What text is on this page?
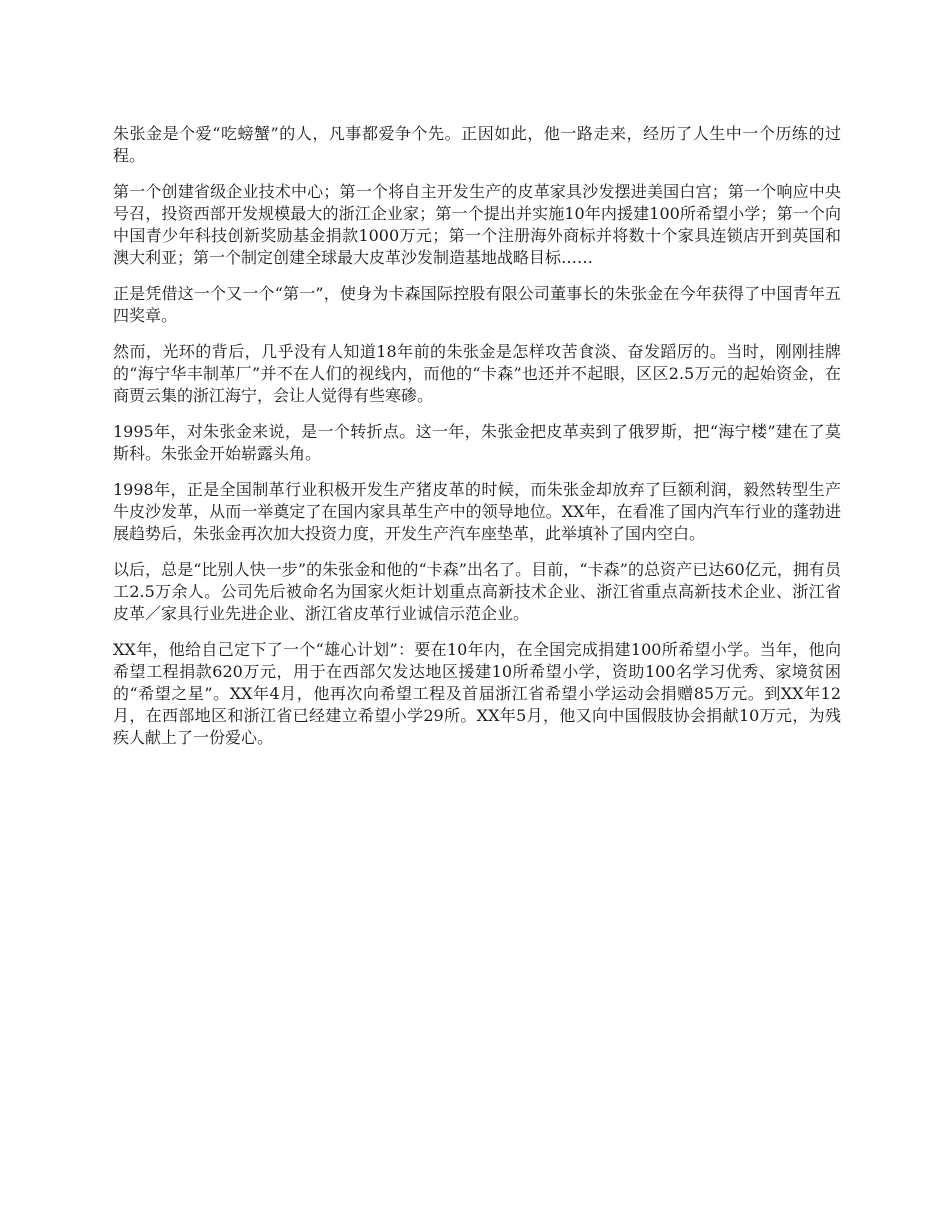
朱张金是个爱“吃螃蟹”的人，凡事都爱争个先。正因如此，他一路走来，经历了人生中一个历练的过程。

第一个创建省级企业技术中心；第一个将自主开发生产的皮革家具沙发摆进美国白宫；第一个响应中央号召，投资西部开发规模最大的浙江企业家；第一个提出并实施10年内援建100所希望小学；第一个向中国青少年科技创新奖励基金捐款1000万元；第一个注册海外商标并将数十个家具连锁店开到英国和澳大利亚；第一个制定创建全球最大皮革沙发制造基地战略目标……

正是凭借这一个又一个“第一”，使身为卡森国际控股有限公司董事长的朱张金在今年获得了中国青年五四奖章。

然而，光环的背后，几乎没有人知道18年前的朱张金是怎样攻苦食淡、奋发蹈厉的。当时，刚刚挂牌的“海宁华丰制革厂”并不在人们的视线内，而他的“卡森”也还并不起眼，区区2.5万元的起始资金，在商贾云集的浙江海宁，会让人觉得有些寒碜。

1995年，对朱张金来说，是一个转折点。这一年，朱张金把皮革卖到了俄罗斯，把“海宁楼”建在了莫斯科。朱张金开始崭露头角。

1998年，正是全国制革行业积极开发生产猪皮革的时候，而朱张金却放弃了巨额利润，毅然转型生产牛皮沙发革，从而一举奠定了在国内家具革生产中的领导地位。XX年，在看准了国内汽车行业的蓬勃进展趋势后，朱张金再次加大投资力度，开发生产汽车座垫革，此举填补了国内空白。

以后，总是“比别人快一步”的朱张金和他的“卡森”出名了。目前，“卡森”的总资产已达60亿元，拥有员工2.5万余人。公司先后被命名为国家火炬计划重点高新技术企业、浙江省重点高新技术企业、浙江省皮革／家具行业先进企业、浙江省皮革行业诚信示范企业。

XX年，他给自己定下了一个“雄心计划”：要在10年内，在全国完成捐建100所希望小学。当年，他向希望工程捐款620万元，用于在西部欠发达地区援建10所希望小学，资助100名学习优秀、家境贫困的“希望之星”。XX年4月，他再次向希望工程及首届浙江省希望小学运动会捐赠85万元。到XX年12月，在西部地区和浙江省已经建立希望小学29所。XX年5月，他又向中国假肢协会捐献10万元，为残疾人献上了一份爱心。
